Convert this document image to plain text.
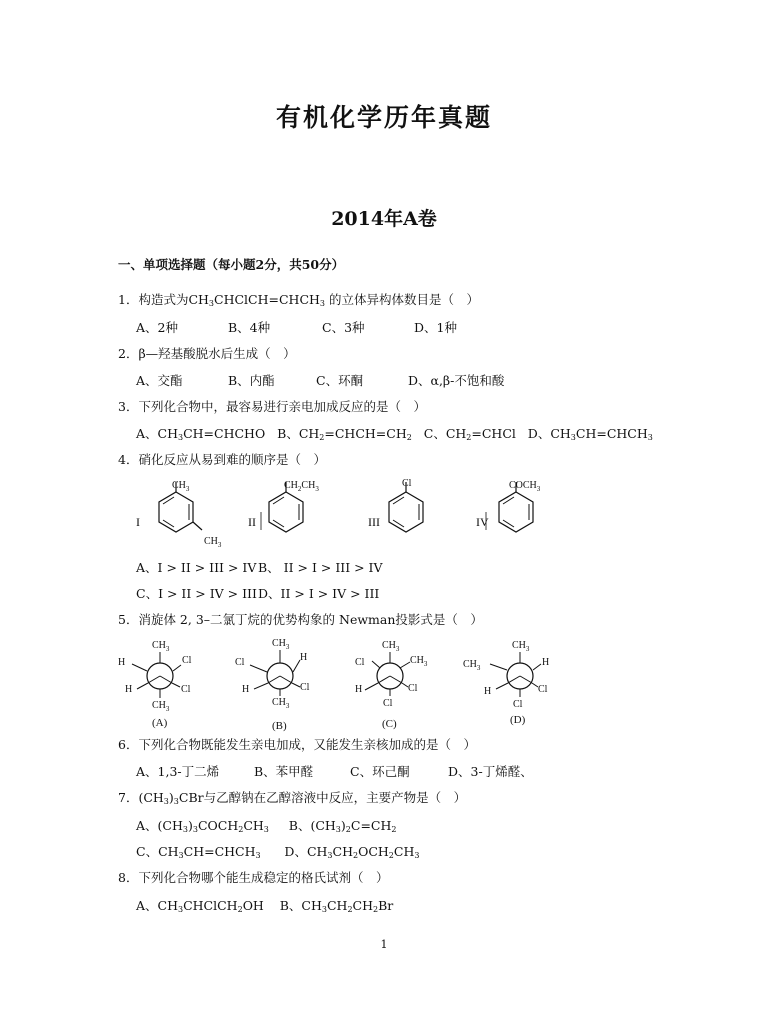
有机化学历年真题
2014年A卷
一、单项选择题（每小题2分，共50分）
1．构造式为$CH_3CHClCH=CHCH_3$ 的立体异构体数目是（　）
A、2种	B、4种	C、3种	D、1种
2．β—羟基酸脱水后生成（　）
A、交酯	B、内酯	C、环酮	D、α,β-不饱和酸
3．下列化合物中，最容易进行亲电加成反应的是（　）
A、$CH_3CH=CHCHO$   B、$CH_2=CHCH=CH_2$   C、$CH_2=CHCl$   D、$CH_3CH=CHCH_3$
4．硝化反应从易到难的顺序是（　）
I
$CH_3$
$CH_3$
II
$CH_2CH_3$
III
Cl
IV
$COCH_3$
A、I > II > III > IV B、 II > I > III > IV
C、I > II > IV > III D、II > I > IV > III
5．消旋体 2, 3–二氯丁烷的优势构象的 Newman投影式是（　）
$CH_3$
H	Cl
H	Cl
$CH_3$
(A)
$CH_3$
Cl	H
H	Cl
$CH_3$
(B)
Cl
$CH_3$
$CH_3$
H	Cl
Cl
(C)
$CH_3$
$CH_3$	H
H	Cl
Cl
(D)
6．下列化合物既能发生亲电加成，又能发生亲核加成的是（　）
A、1,3-丁二烯	B、苯甲醛	C、环己酮	D、3-丁烯醛、
7．$(CH_3)_3CBr$与乙醇钠在乙醇溶液中反应，主要产物是（　）
A、$(CH_3)_3COCH_2CH_3$     B、$(CH_3)_2C=CH_2$
C、$CH_3CH=CHCH_3$      D、$CH_3CH_2OCH_2CH_3$
8．下列化合物哪个能生成稳定的格氏试剂（　）
A、$CH_3CHClCH_2OH$    B、$CH_3CH_2CH_2Br$
1
